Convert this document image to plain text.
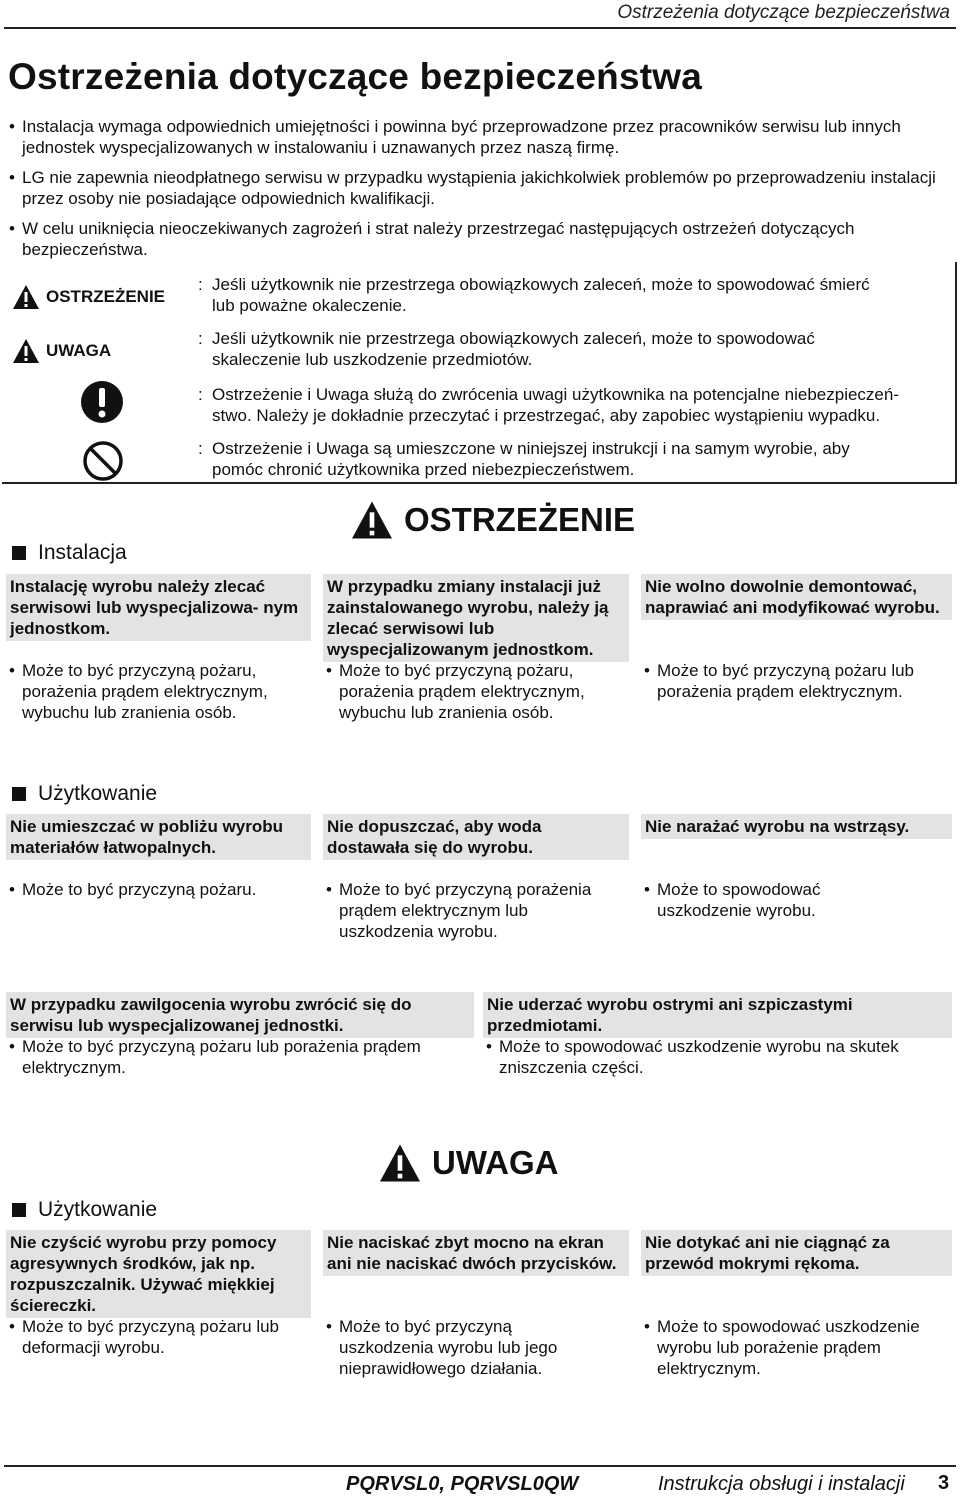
Ostrzeżenia dotyczące bezpieczeństwa
Ostrzeżenia dotyczące bezpieczeństwa
• Instalacja wymaga odpowiednich umiejętności i powinna być przeprowadzone przez pracowników serwisu lub innych jednostek wyspecjalizowanych w instalowaniu i uznawanych przez naszą firmę.
• LG nie zapewnia nieodpłatnego serwisu w przypadku wystąpienia jakichkolwiek problemów po przeprowadzeniu instalacji przez osoby nie posiadające odpowiednich kwalifikacji.
• W celu uniknięcia nieoczekiwanych zagrożeń i strat należy przestrzegać następujących ostrzeżeń dotyczących bezpieczeństwa.
OSTRZEŻENIE
: Jeśli użytkownik nie przestrzega obowiązkowych zaleceń, może to spowodować śmierć
lub poważne okaleczenie.
UWAGA
: Jeśli użytkownik nie przestrzega obowiązkowych zaleceń, może to spowodować
skaleczenie lub uszkodzenie przedmiotów.
: Ostrzeżenie i Uwaga służą do zwrócenia uwagi użytkownika na potencjalne niebezpieczeń-
stwo. Należy je dokładnie przeczytać i przestrzegać, aby zapobiec wystąpieniu wypadku.
: Ostrzeżenie i Uwaga są umieszczone w niniejszej instrukcji i na samym wyrobie, aby
pomóc chronić użytkownika przed niebezpieczeństwem.
OSTRZEŻENIE
Instalacja
Instalację wyrobu należy zlecać serwisowi lub wyspecjalizowa- nym jednostkom.
• Może to być przyczyną pożaru, porażenia prądem elektrycznym, wybuchu lub zranienia osób.
W przypadku zmiany instalacji już zainstalowanego wyrobu, należy ją zlecać serwisowi lub wyspecjalizowanym jednostkom.
• Może to być przyczyną pożaru, porażenia prądem elektrycznym, wybuchu lub zranienia osób.
Nie wolno dowolnie demontować, naprawiać ani modyfikować wyrobu.
• Może to być przyczyną pożaru lub porażenia prądem elektrycznym.
Użytkowanie
Nie umieszczać w pobliżu wyrobu materiałów łatwopalnych.
• Może to być przyczyną pożaru.
Nie dopuszczać, aby woda dostawała się do wyrobu.
• Może to być przyczyną porażenia prądem elektrycznym lub uszkodzenia wyrobu.
Nie narażać wyrobu na wstrząsy.
• Może to spowodować uszkodzenie wyrobu.
W przypadku zawilgocenia wyrobu zwrócić się do serwisu lub wyspecjalizowanej jednostki.
• Może to być przyczyną pożaru lub porażenia prądem elektrycznym.
Nie uderzać wyrobu ostrymi ani szpiczastymi przedmiotami.
• Może to spowodować uszkodzenie wyrobu na skutek zniszczenia części.
UWAGA
Użytkowanie
Nie czyścić wyrobu przy pomocy agresywnych środków, jak np. rozpuszczalnik. Używać miękkiej ściereczki.
• Może to być przyczyną pożaru lub deformacji wyrobu.
Nie naciskać zbyt mocno na ekran ani nie naciskać dwóch przycisków.
• Może to być przyczyną uszkodzenia wyrobu lub jego nieprawidłowego działania.
Nie dotykać ani nie ciągnąć za przewód mokrymi rękoma.
• Może to spowodować uszkodzenie wyrobu lub porażenie prądem elektrycznym.
PQRVSL0, PQRVSL0QW	Instrukcja obsługi i instalacji 3
